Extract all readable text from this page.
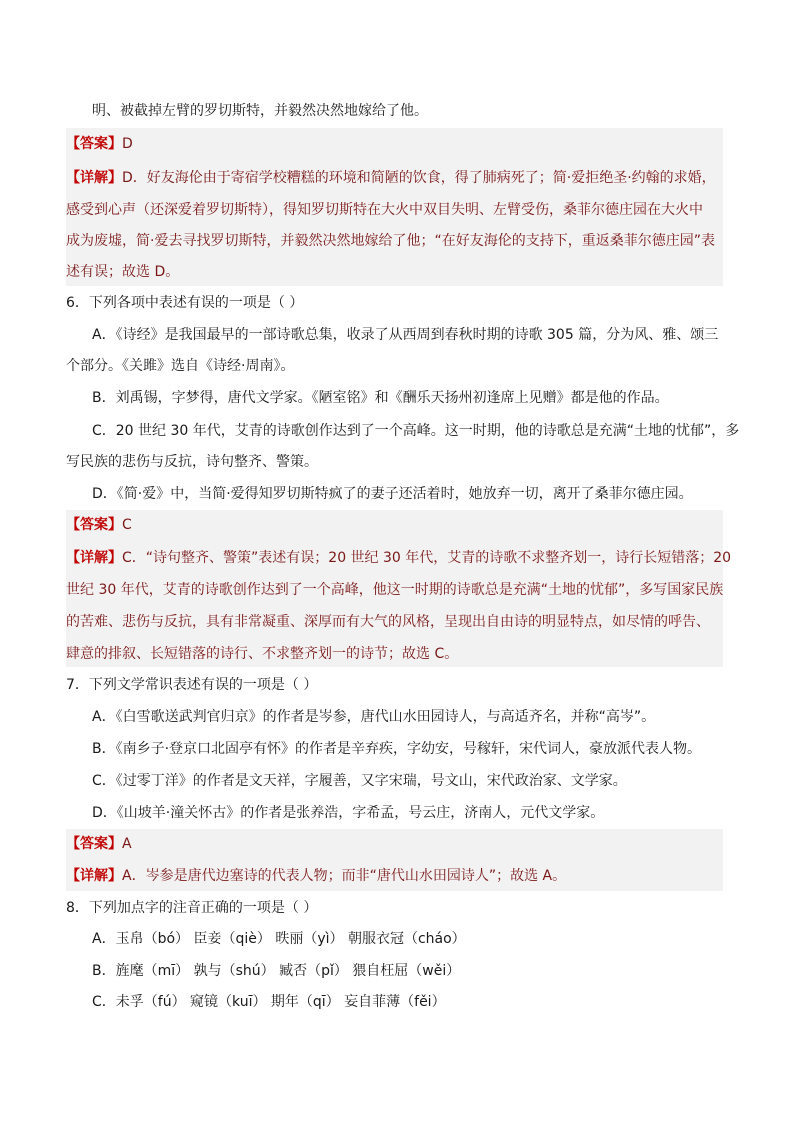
明、被截掉左臂的罗切斯特，并毅然决然地嫁给了他。
【答案】D
【详解】D．好友海伦由于寄宿学校糟糕的环境和简陋的饮食，得了肺病死了；简·爱拒绝圣·约翰的求婚，
感受到心声（还深爱着罗切斯特），得知罗切斯特在大火中双目失明、左臂受伤，桑菲尔德庄园在大火中
成为废墟，简·爱去寻找罗切斯特，并毅然决然地嫁给了他；“在好友海伦的支持下，重返桑菲尔德庄园”表
述有误；故选 D。
6．下列各项中表述有误的一项是（ ）
A．《诗经》是我国最早的一部诗歌总集，收录了从西周到春秋时期的诗歌 305 篇，分为风、雅、颂三
个部分。《关雎》选自《诗经·周南》。
B．刘禹锡，字梦得，唐代文学家。《陋室铭》和《酬乐天扬州初逢席上见赠》都是他的作品。
C．20 世纪 30 年代，艾青的诗歌创作达到了一个高峰。这一时期，他的诗歌总是充满“土地的忧郁”，多
写民族的悲伤与反抗，诗句整齐、警策。
D．《简·爱》中，当简·爱得知罗切斯特疯了的妻子还活着时，她放弃一切，离开了桑菲尔德庄园。
【答案】C
【详解】C．“诗句整齐、警策”表述有误；20 世纪 30 年代，艾青的诗歌不求整齐划一，诗行长短错落；20
世纪 30 年代，艾青的诗歌创作达到了一个高峰，他这一时期的诗歌总是充满“土地的忧郁”，多写国家民族
的苦难、悲伤与反抗，具有非常凝重、深厚而有大气的风格，呈现出自由诗的明显特点，如尽情的呼告、
肆意的排叙、长短错落的诗行、不求整齐划一的诗节；故选 C。
7．下列文学常识表述有误的一项是（ ）
A．《白雪歌送武判官归京》的作者是岑参，唐代山水田园诗人，与高适齐名，并称“高岑”。
B．《南乡子·登京口北固亭有怀》的作者是辛弃疾，字幼安，号稼轩，宋代词人，豪放派代表人物。
C．《过零丁洋》的作者是文天祥，字履善，又字宋瑞，号文山，宋代政治家、文学家。
D．《山坡羊·潼关怀古》的作者是张养浩，字希孟，号云庄，济南人，元代文学家。
【答案】A
【详解】A．岑参是唐代边塞诗的代表人物；而非“唐代山水田园诗人”；故选 A。
8．下列加点字的注音正确的一项是（ ）
A．玉帛（bó） 臣妾（qiè） 昳丽（yì） 朝服衣冠（cháo）
B．旌麾（mī） 孰与（shú） 臧否（pǐ） 猥自枉屈（wěi）
C．未孚（fú） 窥镜（kuī） 期年（qī） 妄自菲薄（fěi）
